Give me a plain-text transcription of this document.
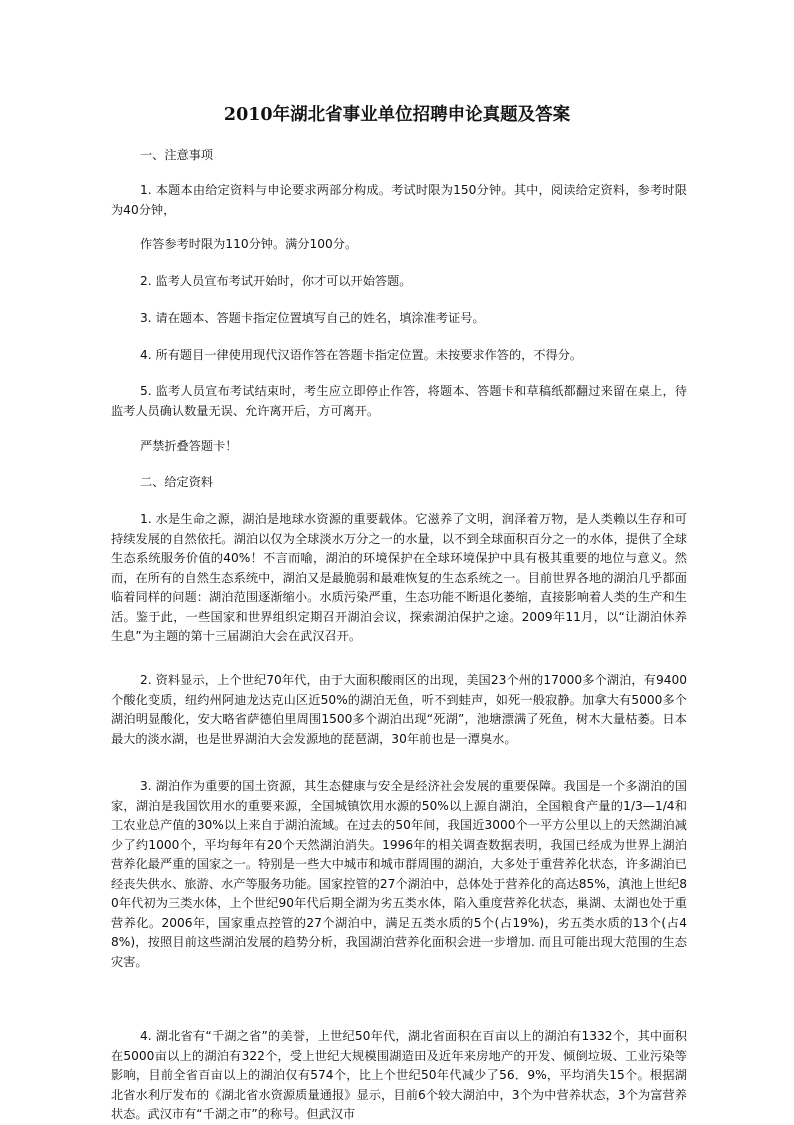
2010年湖北省事业单位招聘申论真题及答案

一、注意事项

1. 本题本由给定资料与申论要求两部分构成。考试时限为150分钟。其中，阅读给定资料，参考时限为40分钟，

作答参考时限为110分钟。满分100分。

2. 监考人员宣布考试开始时，你才可以开始答题。

3. 请在题本、答题卡指定位置填写自己的姓名，填涂准考证号。

4. 所有题目一律使用现代汉语作答在答题卡指定位置。未按要求作答的，不得分。

5. 监考人员宣布考试结束时，考生应立即停止作答，将题本、答题卡和草稿纸都翻过来留在桌上，待监考人员确认数量无误、允许离开后，方可离开。

严禁折叠答题卡！

二、给定资料

1. 水是生命之源，湖泊是地球水资源的重要载体。它滋养了文明，润泽着万物，是人类赖以生存和可持续发展的自然依托。湖泊以仅为全球淡水万分之一的水量，以不到全球面积百分之一的水体，提供了全球生态系统服务价值的40%！不言而喻，湖泊的环境保护在全球环境保护中具有极其重要的地位与意义。然而，在所有的自然生态系统中，湖泊又是最脆弱和最难恢复的生态系统之一。目前世界各地的湖泊几乎都面临着同样的问题：湖泊范围逐渐缩小。水质污染严重，生态功能不断退化萎缩，直接影响着人类的生产和生活。鉴于此，一些国家和世界组织定期召开湖泊会议，探索湖泊保护之途。2009年11月，以“让湖泊休养生息”为主题的第十三届湖泊大会在武汉召开。

2. 资料显示，上个世纪70年代，由于大面积酸雨区的出现，美国23个州的17000多个湖泊，有9400个酸化变质，纽约州阿迪龙达克山区近50%的湖泊无鱼，听不到蛙声，如死一般寂静。加拿大有5000多个湖泊明显酸化，安大略省萨德伯里周围1500多个湖泊出现“死湖”，池塘漂满了死鱼，树木大量枯萎。日本最大的淡水湖，也是世界湖泊大会发源地的琵琶湖，30年前也是一潭臭水。

3. 湖泊作为重要的国土资源，其生态健康与安全是经济社会发展的重要保障。我国是一个多湖泊的国家，湖泊是我国饮用水的重要来源，全国城镇饮用水源的50%以上源自湖泊，全国粮食产量的1/3—1/4和工农业总产值的30%以上来自于湖泊流域。在过去的50年间，我国近3000个一平方公里以上的天然湖泊减少了约1000个，平均每年有20个天然湖泊消失。1996年的相关调查数据表明，我国已经成为世界上湖泊营养化最严重的国家之一。特别是一些大中城市和城市群周围的湖泊，大多处于重营养化状态，许多湖泊已经丧失供水、旅游、水产等服务功能。国家控管的27个湖泊中，总体处于营养化的高达85%，滇池上世纪80年代初为三类水体，上个世纪90年代后期全湖为劣五类水体，陷入重度营养化状态，巢湖、太湖也处于重营养化。2006年，国家重点控管的27个湖泊中，满足五类水质的5个(占19%)，劣五类水质的13个(占48%)，按照目前这些湖泊发展的趋势分析，我国湖泊营养化面积会进一步增加. 而且可能出现大范围的生态灾害。

4. 湖北省有“千湖之省”的美誉，上世纪50年代，湖北省面积在百亩以上的湖泊有1332个，其中面积在5000亩以上的湖泊有322个，受上世纪大规模围湖造田及近年来房地产的开发、倾倒垃圾、工业污染等影响，目前全省百亩以上的湖泊仅有574个，比上个世纪50年代减少了56．9%，平均消失15个。根据湖北省水利厅发布的《湖北省水资源质量通报》显示，目前6个较大湖泊中，3个为中营养状态，3个为富营养状态。武汉市有“千湖之市”的称号。但武汉市
